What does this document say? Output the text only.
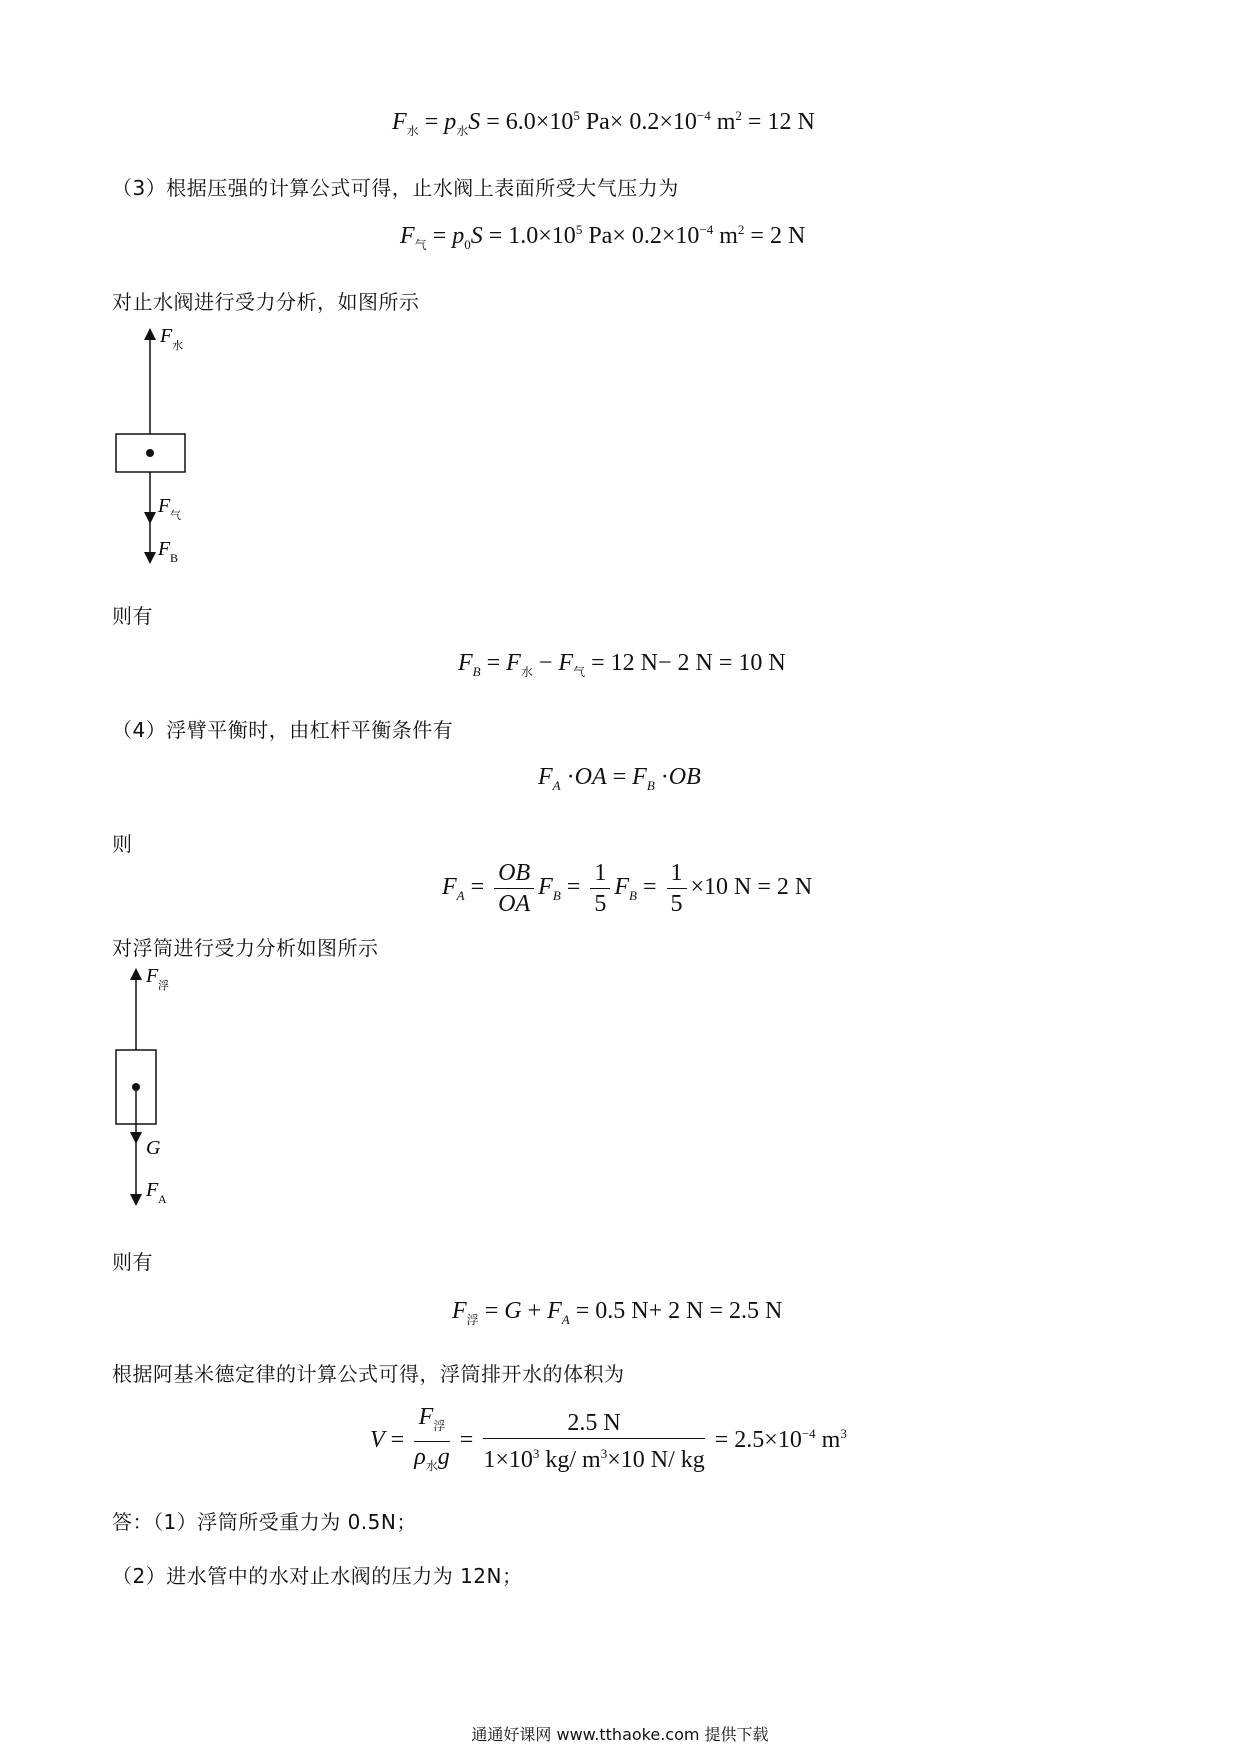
$F_水 = p_水S = 6.0\times 10^5$ $Pa\times 0.2\times 10^{-4}$ $m^2 = 12$ N
（3）根据压强的计算公式可得，止水阀上表面所受大气压力为
$F_气 = p_0S = 1.0\times 10^5$ $Pa\times 0.2\times 10^{-4}$ $m^2 = 2$ N
对止水阀进行受力分析，如图所示
F 水
F 气
F B
则有
$F_B = F_水 - F_气 = 12$ N− 2 N = 10 N
（4）浮臂平衡时，由杠杆平衡条件有
$F_A \cdot OA = F_B \cdot OB$
则
$F_A = \frac{OB}{OA} F_B = \frac{1}{5} F_B = \frac{1}{5} \times 10$ N = 2 N
对浮筒进行受力分析如图所示
F 浮
G
F A
则有
$F_浮 = G + F_A = 0.5$ N+ 2 N = 2.5 N
根据阿基米德定律的计算公式可得，浮筒排开水的体积为
$V = \frac{F_浮}{\rho_水g} = \frac{2.5 N}{1\times 10^3 kg/ m^3\times 10 N/ kg} = 2.5\times 10^{-4}$ $m^3$
答：（1）浮筒所受重力为 0.5N；
（2）进水管中的水对止水阀的压力为 12N；
通通好课网 www.tthaoke.com 提供下载
